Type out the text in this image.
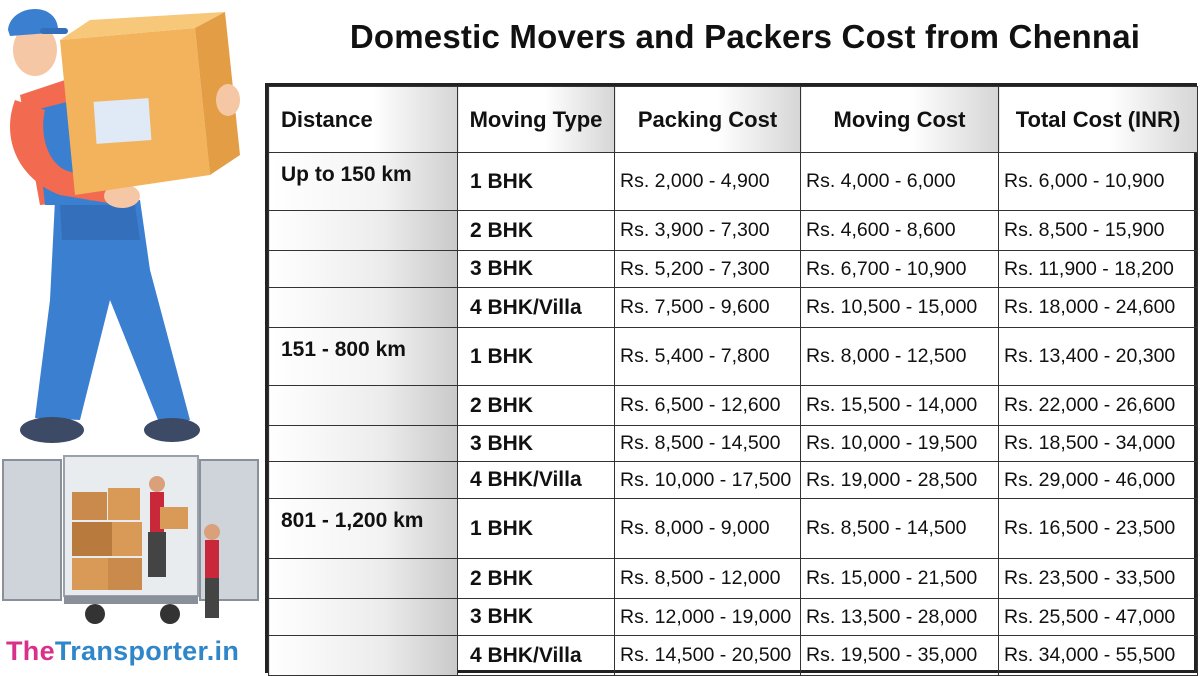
Domestic Movers and Packers Cost from Chennai
TheTransporter.in
Distance	Moving Type	Packing Cost	Moving Cost	Total Cost (INR)
Up to 150 km	1 BHK	Rs. 2,000 - 4,900	Rs. 4,000 - 6,000	Rs. 6,000 - 10,900
	2 BHK	Rs. 3,900 - 7,300	Rs. 4,600 - 8,600	Rs. 8,500 - 15,900
	3 BHK	Rs. 5,200 - 7,300	Rs. 6,700 - 10,900	Rs. 11,900 - 18,200
	4 BHK/Villa	Rs. 7,500 - 9,600	Rs. 10,500 - 15,000	Rs. 18,000 - 24,600
151 - 800 km	1 BHK	Rs. 5,400 - 7,800	Rs. 8,000 - 12,500	Rs. 13,400 - 20,300
	2 BHK	Rs. 6,500 - 12,600	Rs. 15,500 - 14,000	Rs. 22,000 - 26,600
	3 BHK	Rs. 8,500 - 14,500	Rs. 10,000 - 19,500	Rs. 18,500 - 34,000
	4 BHK/Villa	Rs. 10,000 - 17,500	Rs. 19,000 - 28,500	Rs. 29,000 - 46,000
801 - 1,200 km	1 BHK	Rs. 8,000 - 9,000	Rs. 8,500 - 14,500	Rs. 16,500 - 23,500
	2 BHK	Rs. 8,500 - 12,000	Rs. 15,000 - 21,500	Rs. 23,500 - 33,500
	3 BHK	Rs. 12,000 - 19,000	Rs. 13,500 - 28,000	Rs. 25,500 - 47,000
	4 BHK/Villa	Rs. 14,500 - 20,500	Rs. 19,500 - 35,000	Rs. 34,000 - 55,500
